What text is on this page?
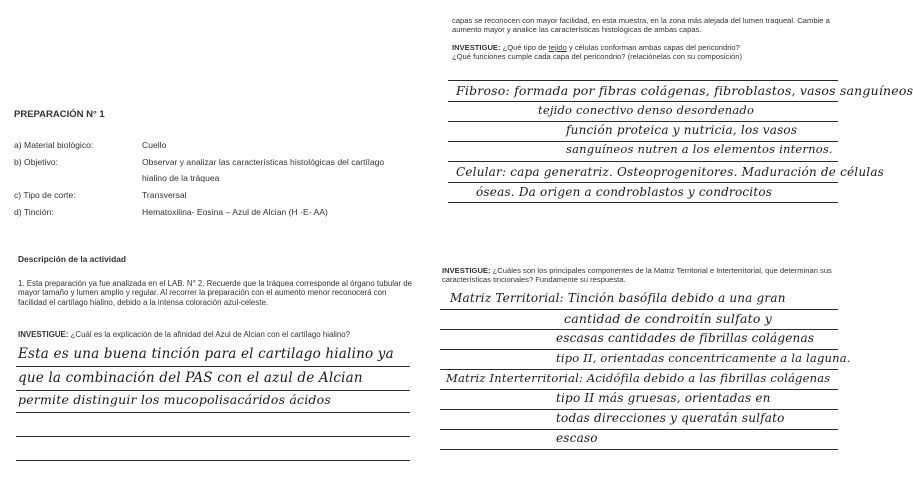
PREPARACIÓN N° 1
a) Material biológico:	Cuello
b) Objetivo:	Observar y analizar las características histológicas del cartílago
hialino de la tráquea
c) Tipo de corte:	Transversal
d) Tinción:	Hematoxilina- Eosina – Azul de Alcian (H -E- AA)
Descripción de la actividad
1. Esta preparación ya fue analizada en el LAB. N° 2. Recuerde que la tráquea corresponde al órgano tubular de mayor tamaño y lumen amplio y regular. Al recorrer la preparación con el aumento menor reconocerá con facilidad el cartílago hialino, debido a la intensa coloración azul-celeste.
INVESTIGUE: ¿Cuál es la explicación de la afinidad del Azul de Alcian con el cartílago hialino?
Esta es una buena tinción para el cartilago hialino ya
que la combinación del PAS con el azul de Alcian
permite distinguir los mucopolisacáridos ácidos
capas se reconocen con mayor facilidad, en esta muestra, en la zona más alejada del lumen traqueal. Cambie a aumento mayor y analice las características histológicas de ambas capas.
INVESTIGUE: ¿Qué tipo de tejido y células conforman ambas capas del pericondrio?
¿Qué funciones cumple cada capa del pericondrio? (relaciónelas con su composición)
Fibroso: formada por fibras colágenas, fibroblastos, vasos sanguíneos
tejido conectivo denso desordenado
función proteica y nutricia, los vasos
sanguíneos nutren a los elementos internos.
Celular: capa generatriz. Osteoprogenitores. Maduración de células
óseas. Da origen a condroblastos y condrocitos
INVESTIGUE: ¿Cuáles son los principales componentes de la Matriz Territorial e Interterritorial, que determinan sus características tincionales? Fundamente su respuesta.
Matriz Territorial: Tinción basófila debido a una gran
cantidad de condroitín sulfato y
escasas cantidades de fibrillas colágenas
tipo II, orientadas concentricamente a la laguna.
Matriz Interterritorial: Acidófila debido a las fibrillas colágenas
tipo II más gruesas, orientadas en
todas direcciones y queratán sulfato
escaso
